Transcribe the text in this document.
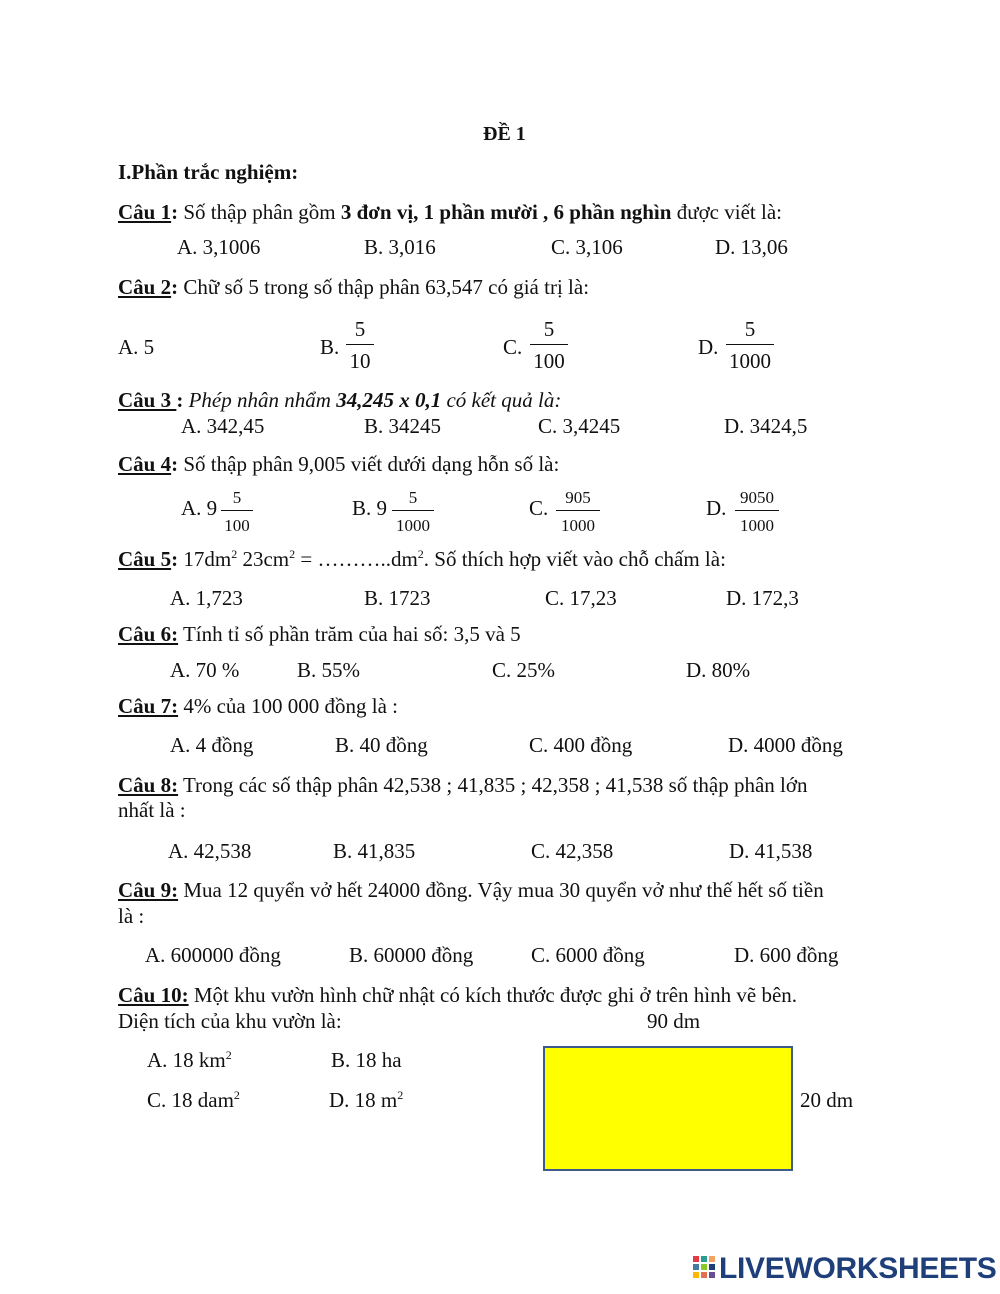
ĐỀ 1
I.Phần trắc nghiệm:
Câu 1: Số thập phân gồm 3 đơn vị, 1 phần mười , 6 phần nghìn được viết là:
A. 3,1006	B. 3,016	C. 3,106	D. 13,06
Câu 2: Chữ số 5 trong số thập phân 63,547 có giá trị là:
A. 5	B.
5
10
C.
5
100
D.
5
1000
Câu 3 : Phép nhân nhẩm 34,245 x 0,1 có kết quả là:
A. 342,45	B. 34245	C. 3,4245	D. 3424,5
Câu 4: Số thập phân 9,005 viết dưới dạng hỗn số là:
A. 9 5
100
B. 9	5
1000
C. 905
1000
D. 9050
1000
Câu 5: $17dm^2$ $23cm^2$ = $\dots\dots\dots..dm^2$. Số thích hợp viết vào chỗ chấm là:
A. 1,723	B. 1723	C. 17,23	D. 172,3
Câu 6: Tính tỉ số phần trăm của hai số: 3,5 và 5
A. 70 %	B. 55%	C. 25%	D. 80%
Câu 7: 4% của 100 000 đồng là :
A. 4 đồng	B. 40 đồng	C. 400 đồng	D. 4000 đồng
Câu 8: Trong các số thập phân 42,538 ; 41,835 ; 42,358 ; 41,538 số thập phân lớn
nhất là :
A. 42,538	B. 41,835	C. 42,358	D. 41,538
Câu 9: Mua 12 quyển vở hết 24000 đồng. Vậy mua 30 quyển vở như thế hết số tiền
là :
A. 600000 đồng	B. 60000 đồng	C. 6000 đồng	D. 600 đồng
Câu 10: Một khu vườn hình chữ nhật có kích thước được ghi ở trên hình vẽ bên.
Diện tích của khu vườn là:	90 dm
A. 18 $km^2$	B. 18 ha
C. 18 dam$^2$	D. 18 $m^2$	20 dm
LIVEWORKSHEETS
